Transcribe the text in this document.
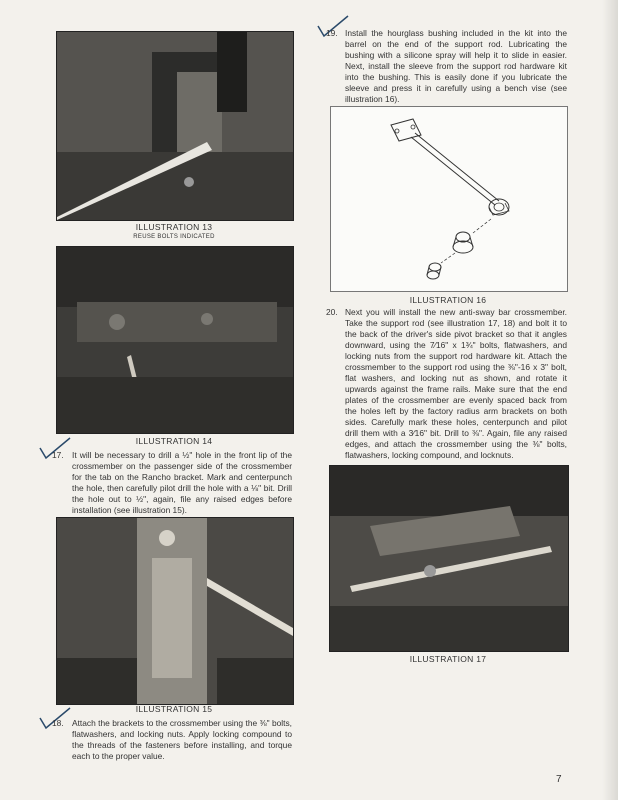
ILLUSTRATION 13
REUSE BOLTS INDICATED
ILLUSTRATION 14
17. It will be necessary to drill a ½" hole in the front lip of the crossmember on the passenger side of the crossmember for the tab on the Rancho bracket. Mark and centerpunch the hole, then carefully pilot drill the hole with a ⅛" bit. Drill the hole out to ½", again, file any raised edges before installation (see illustration 15).
ILLUSTRATION 15
18. Attach the brackets to the crossmember using the ⅜" bolts, flatwashers, and locking nuts. Apply locking compound to the threads of the fasteners before installing, and torque each to the proper value.
19. Install the hourglass bushing included in the kit into the barrel on the end of the support rod. Lubricating the bushing with a silicone spray will help it to slide in easier. Next, install the sleeve from the support rod hardware kit into the bushing. This is easily done if you lubricate the sleeve and press it in carefully using a bench vise (see illustration 16).
ILLUSTRATION 16
20. Next you will install the new anti-sway bar crossmember. Take the support rod (see illustration 17, 18) and bolt it to the back of the driver's side pivot bracket so that it angles downward, using the 7⁄16" x 1¾" bolts, flatwashers, and locking nuts from the support rod hardware kit. Attach the crossmember to the support rod using the ⅜"-16 x 3" bolt, flat washers, and locking nut as shown, and rotate it upwards against the frame rails. Make sure that the end plates of the crossmember are evenly spaced back from the holes left by the factory radius arm brackets on both sides. Carefully mark these holes, centerpunch and pilot drill them with a 3⁄16" bit. Drill to ⅜". Again, file any raised edges, and attach the crossmember using the ⅜" bolts, flatwashers, locking compound, and locknuts.
ILLUSTRATION 17
7
